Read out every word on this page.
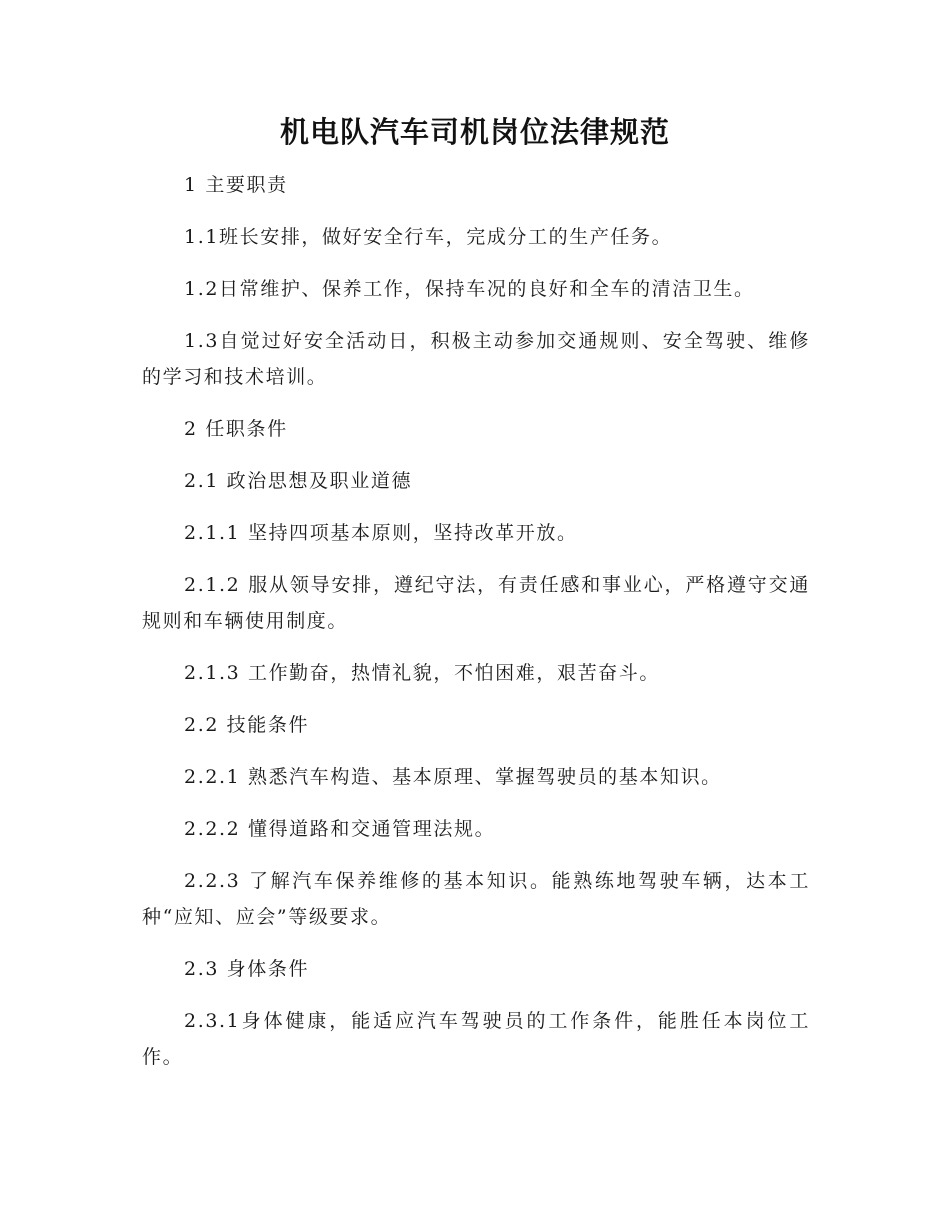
机电队汽车司机岗位法律规范

1 主要职责

1.1班长安排，做好安全行车，完成分工的生产任务。

1.2日常维护、保养工作，保持车况的良好和全车的清洁卫生。

1.3自觉过好安全活动日，积极主动参加交通规则、安全驾驶、维修的学习和技术培训。

2 任职条件

2.1 政治思想及职业道德

2.1.1 坚持四项基本原则，坚持改革开放。

2.1.2 服从领导安排，遵纪守法，有责任感和事业心，严格遵守交通规则和车辆使用制度。

2.1.3 工作勤奋，热情礼貌，不怕困难，艰苦奋斗。

2.2 技能条件

2.2.1 熟悉汽车构造、基本原理、掌握驾驶员的基本知识。

2.2.2 懂得道路和交通管理法规。

2.2.3 了解汽车保养维修的基本知识。能熟练地驾驶车辆，达本工种“应知、应会”等级要求。

2.3 身体条件

2.3.1身体健康，能适应汽车驾驶员的工作条件，能胜任本岗位工作。
